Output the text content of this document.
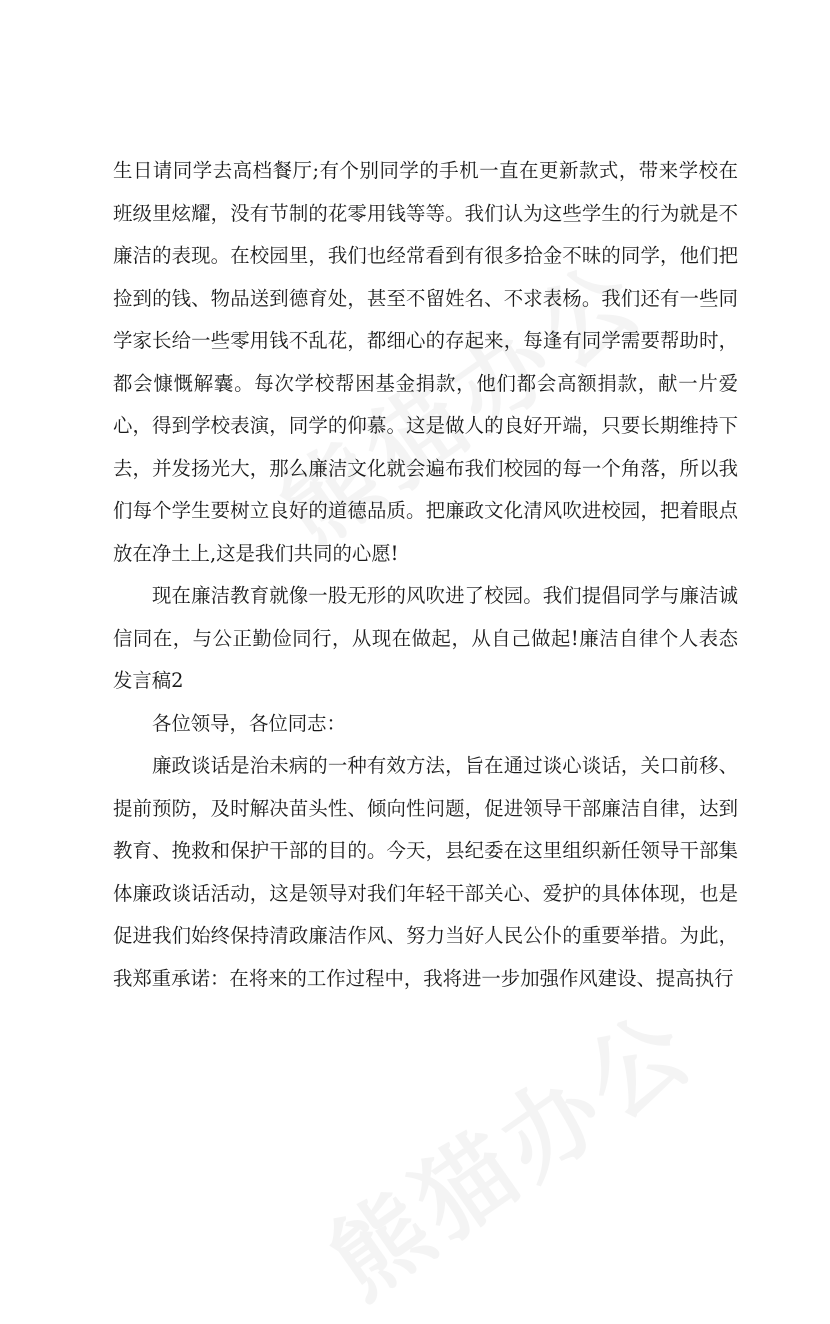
生日请同学去高档餐厅;有个别同学的手机一直在更新款式，带来学校在班级里炫耀，没有节制的花零用钱等等。我们认为这些学生的行为就是不廉洁的表现。在校园里，我们也经常看到有很多拾金不昧的同学，他们把捡到的钱、物品送到德育处，甚至不留姓名、不求表杨。我们还有一些同学家长给一些零用钱不乱花，都细心的存起来，每逢有同学需要帮助时，都会慷慨解囊。每次学校帮困基金捐款，他们都会高额捐款，献一片爱心，得到学校表演，同学的仰慕。这是做人的良好开端，只要长期维持下去，并发扬光大，那么廉洁文化就会遍布我们校园的每一个角落，所以我们每个学生要树立良好的道德品质。把廉政文化清风吹进校园，把着眼点放在净土上,这是我们共同的心愿!

现在廉洁教育就像一股无形的风吹进了校园。我们提倡同学与廉洁诚信同在，与公正勤俭同行，从现在做起，从自己做起!廉洁自律个人表态发言稿2

各位领导，各位同志：

廉政谈话是治未病的一种有效方法，旨在通过谈心谈话，关口前移、提前预防，及时解决苗头性、倾向性问题，促进领导干部廉洁自律，达到教育、挽救和保护干部的目的。今天，县纪委在这里组织新任领导干部集体廉政谈话活动，这是领导对我们年轻干部关心、爱护的具体体现，也是促进我们始终保持清政廉洁作风、努力当好人民公仆的重要举措。为此，我郑重承诺：在将来的工作过程中，我将进一步加强作风建设、提高执行
